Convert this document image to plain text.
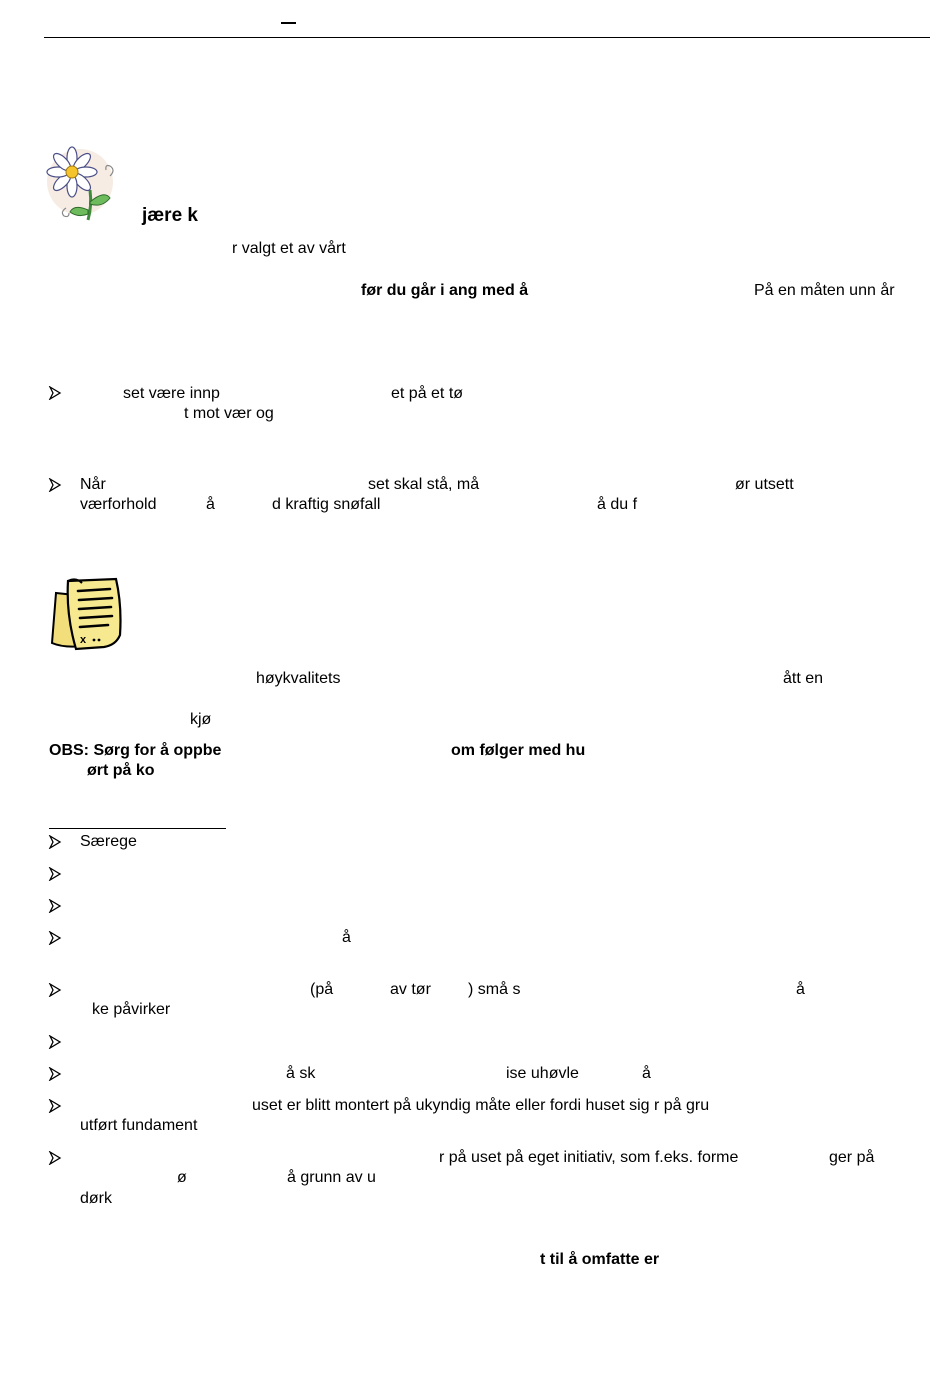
jære k
r valgt et av vårt
før du går i ang med å	På en måten unn år
set være innp	et på et tø
t mot vær og
Når	set skal stå, må	ør utsett
værforhold	å	d kraftig snøfall	å du f
x
høykvalitets	ått en
kjø
OBS: Sørg for å oppbe	om følger med hu
ørt på ko
Særege
å
(på	av tør ) små s	å
ke påvirker
å sk	ise uhøvle	å
uset er blitt montert på ukyndig måte eller fordi huset sig r på gru
utført fundament
r på uset på eget initiativ, som f.eks. forme	ger på
ø	å grunn av u
dørk
t til å omfatte er
